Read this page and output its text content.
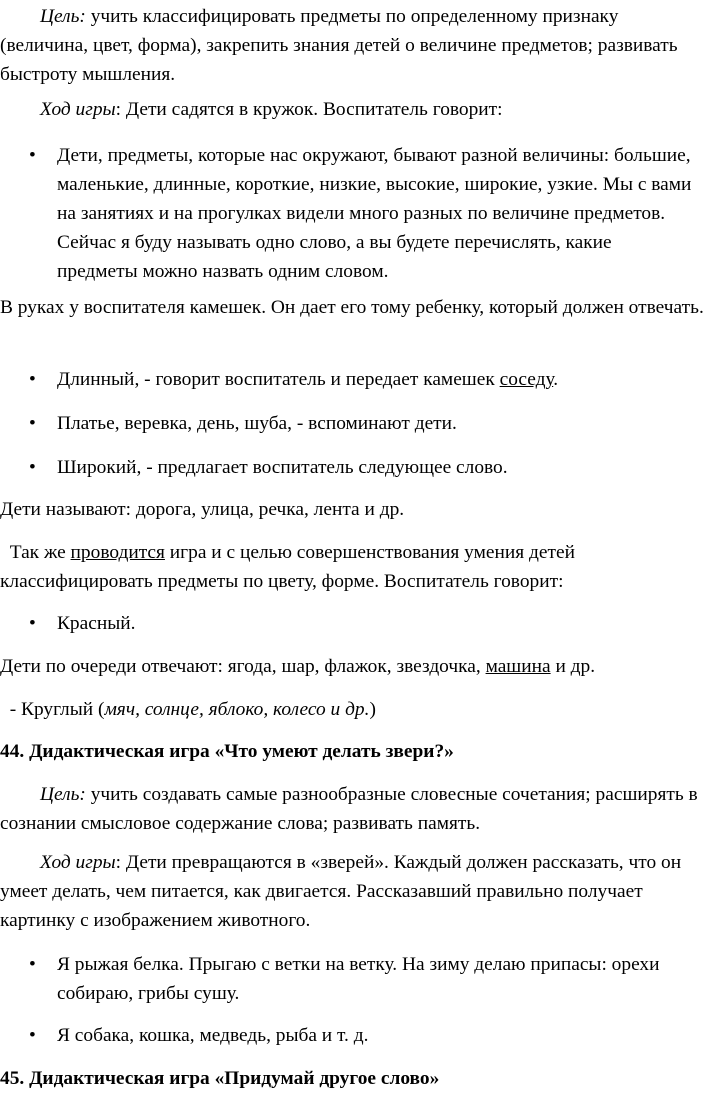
Цель: учить классифицировать предметы по определенному признаку (величина, цвет, форма), закрепить знания детей о величине предметов; развивать быстроту мышления.

Ход игры: Дети садятся в кружок. Воспитатель говорит:

•
Дети, предметы, которые нас окружают, бывают разной величины: большие, маленькие, длинные, короткие, низкие, высокие, широкие, узкие. Мы с вами на занятиях и на прогулках видели много разных по величине предметов. Сейчас я буду называть одно слово, а вы будете перечислять, какие предметы можно назвать одним словом.

В руках у воспитателя камешек. Он дает его тому ребенку, который должен отвечать.

•
Длинный, - говорит воспитатель и передает камешек соседу.
•
Платье, веревка, день, шуба, - вспоминают дети.
•
Широкий, - предлагает воспитатель следующее слово.

Дети называют: дорога, улица, речка, лента и др.

Так же проводится игра и с целью совершенствования умения детей классифицировать предметы по цвету, форме. Воспитатель говорит:

•
Красный.

Дети по очереди отвечают: ягода, шар, флажок, звездочка, машина и др.

- Круглый (мяч, солнце, яблоко, колесо и др.)

44. Дидактическая игра «Что умеют делать звери?»

Цель: учить создавать самые разнообразные словесные сочетания; расширять в сознании смысловое содержание слова; развивать память.

Ход игры: Дети превращаются в «зверей». Каждый должен рассказать, что он умеет делать, чем питается, как двигается. Рассказавший правильно получает картинку с изображением животного.

•
Я рыжая белка. Прыгаю с ветки на ветку. На зиму делаю припасы: орехи собираю, грибы сушу.
•
Я собака, кошка, медведь, рыба и т. д.

45. Дидактическая игра «Придумай другое слово»
